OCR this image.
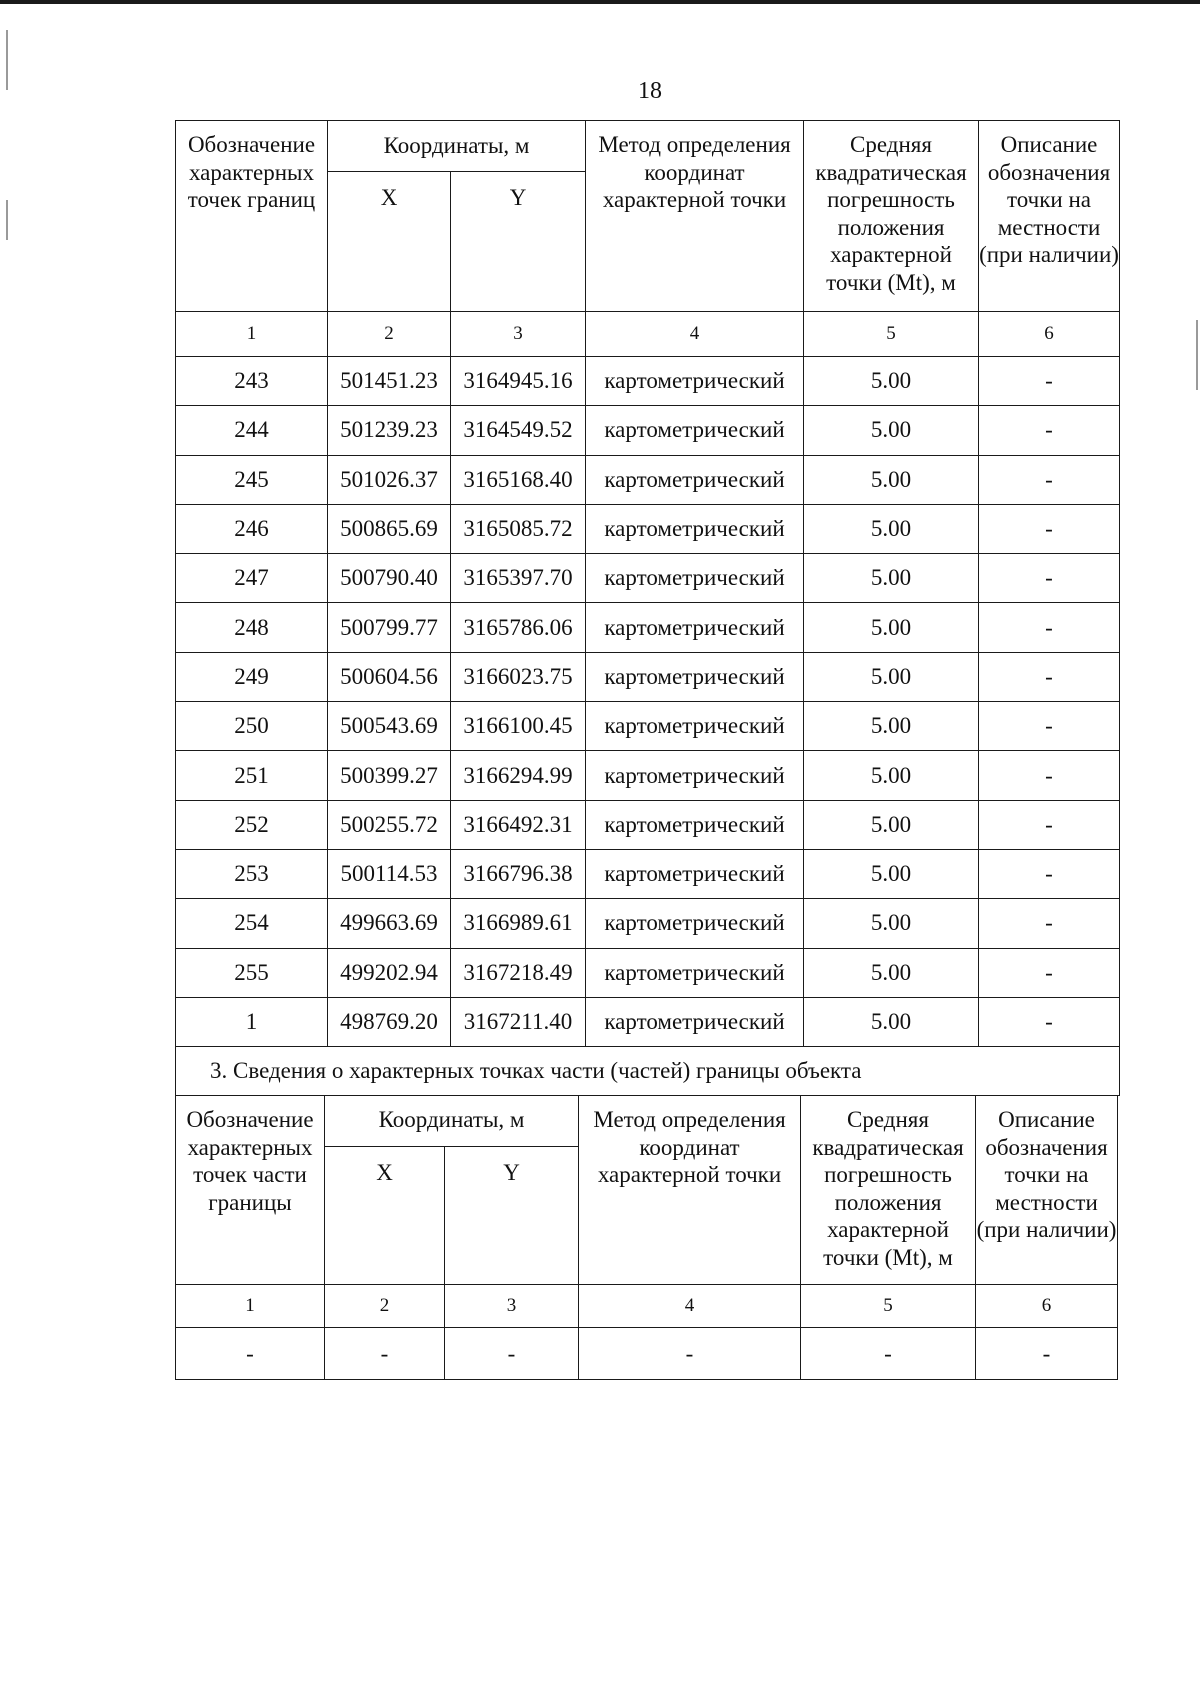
18
Обозначение характерных точек границ	Координаты, м		Метод определения координат характерной точки	Средняя квадратическая погрешность положения характерной точки (Mt), м	Описание обозначения точки на местности (при наличии)
	X	Y			
1	2	3	4	5	6
243	501451.23	3164945.16	картометрический	5.00	-
244	501239.23	3164549.52	картометрический	5.00	-
245	501026.37	3165168.40	картометрический	5.00	-
246	500865.69	3165085.72	картометрический	5.00	-
247	500790.40	3165397.70	картометрический	5.00	-
248	500799.77	3165786.06	картометрический	5.00	-
249	500604.56	3166023.75	картометрический	5.00	-
250	500543.69	3166100.45	картометрический	5.00	-
251	500399.27	3166294.99	картометрический	5.00	-
252	500255.72	3166492.31	картометрический	5.00	-
253	500114.53	3166796.38	картометрический	5.00	-
254	499663.69	3166989.61	картометрический	5.00	-
255	499202.94	3167218.49	картометрический	5.00	-
1	498769.20	3167211.40	картометрический	5.00	-
3. Сведения о характерных точках части (частей) границы объекта					
Обозначение характерных точек части границы	Координаты, м		Метод определения координат характерной точки	Средняя квадратическая погрешность положения характерной точки (Mt), м	Описание обозначения точки на местности (при наличии)
	X	Y			
1	2	3	4	5	6
-	-	-	-	-	-
